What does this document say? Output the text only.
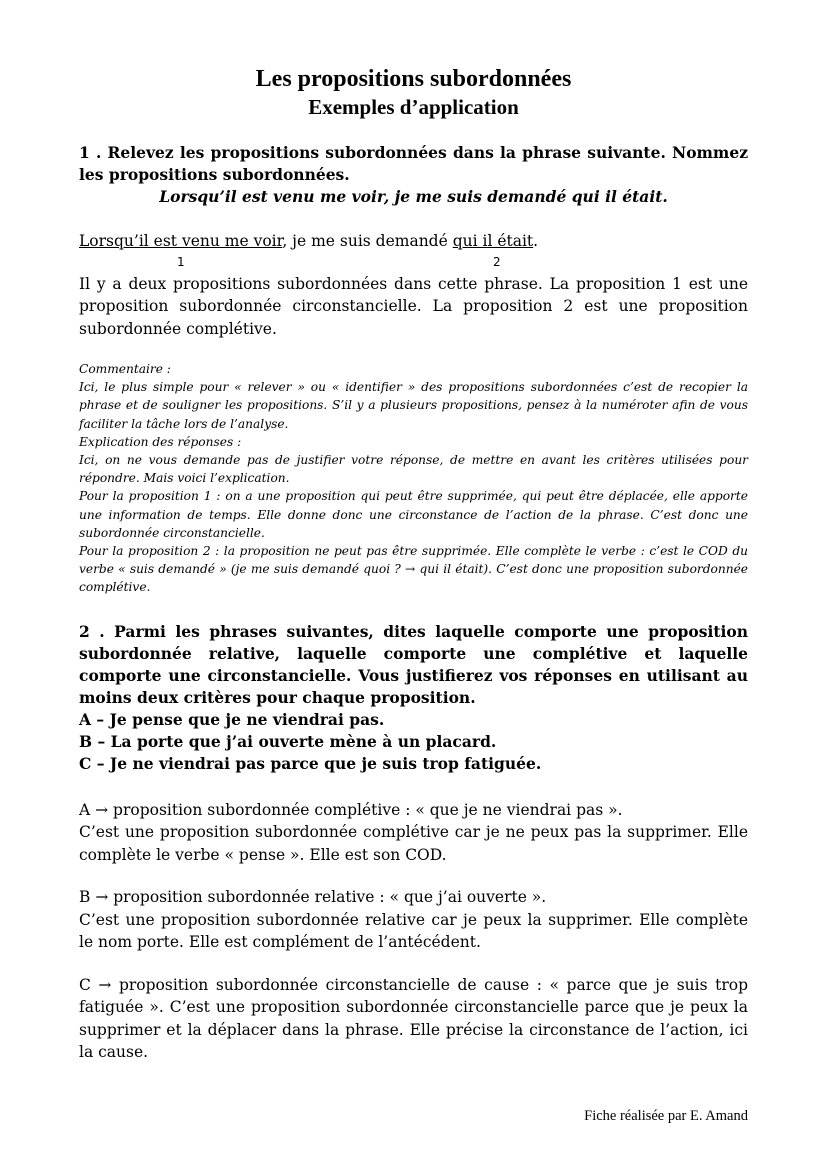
Les propositions subordonnées
Exemples d’application

1 . Relevez les propositions subordonnées dans la phrase suivante. Nommez les propositions subordonnées.

Lorsqu’il est venu me voir, je me suis demandé qui il était.

Lorsqu’il est venu me voir, je me suis demandé qui il était.

1	2

Il y a deux propositions subordonnées dans cette phrase. La proposition 1 est une proposition subordonnée circonstancielle. La proposition 2 est une proposition subordonnée complétive.

Commentaire :

Ici, le plus simple pour « relever » ou « identifier » des propositions subordonnées c’est de recopier la phrase et de souligner les propositions. S’il y a plusieurs propositions, pensez à la numéroter afin de vous faciliter la tâche lors de l’analyse.

Explication des réponses :

Ici, on ne vous demande pas de justifier votre réponse, de mettre en avant les critères utilisées pour répondre. Mais voici l’explication.

Pour la proposition 1 : on a une proposition qui peut être supprimée, qui peut être déplacée, elle apporte une information de temps. Elle donne donc une circonstance de l’action de la phrase. C’est donc une subordonnée circonstancielle.

Pour la proposition 2 : la proposition ne peut pas être supprimée. Elle complète le verbe : c’est le COD du verbe « suis demandé » (je me suis demandé quoi ? → qui il était). C’est donc une proposition subordonnée complétive.

2 . Parmi les phrases suivantes, dites laquelle comporte une proposition subordonnée relative, laquelle comporte une complétive et laquelle comporte une circonstancielle. Vous justifierez vos réponses en utilisant au moins deux critères pour chaque proposition.

A – Je pense que je ne viendrai pas.

B – La porte que j’ai ouverte mène à un placard.

C – Je ne viendrai pas parce que je suis trop fatiguée.

A → proposition subordonnée complétive : « que je ne viendrai pas ».

C’est une proposition subordonnée complétive car je ne peux pas la supprimer. Elle complète le verbe « pense ». Elle est son COD.

B → proposition subordonnée relative : « que j’ai ouverte ».

C’est une proposition subordonnée relative car je peux la supprimer. Elle complète le nom porte. Elle est complément de l’antécédent.

C → proposition subordonnée circonstancielle de cause : « parce que je suis trop fatiguée ». C’est une proposition subordonnée circonstancielle parce que je peux la supprimer et la déplacer dans la phrase. Elle précise la circonstance de l’action, ici la cause.

Fiche réalisée par E. Amand
